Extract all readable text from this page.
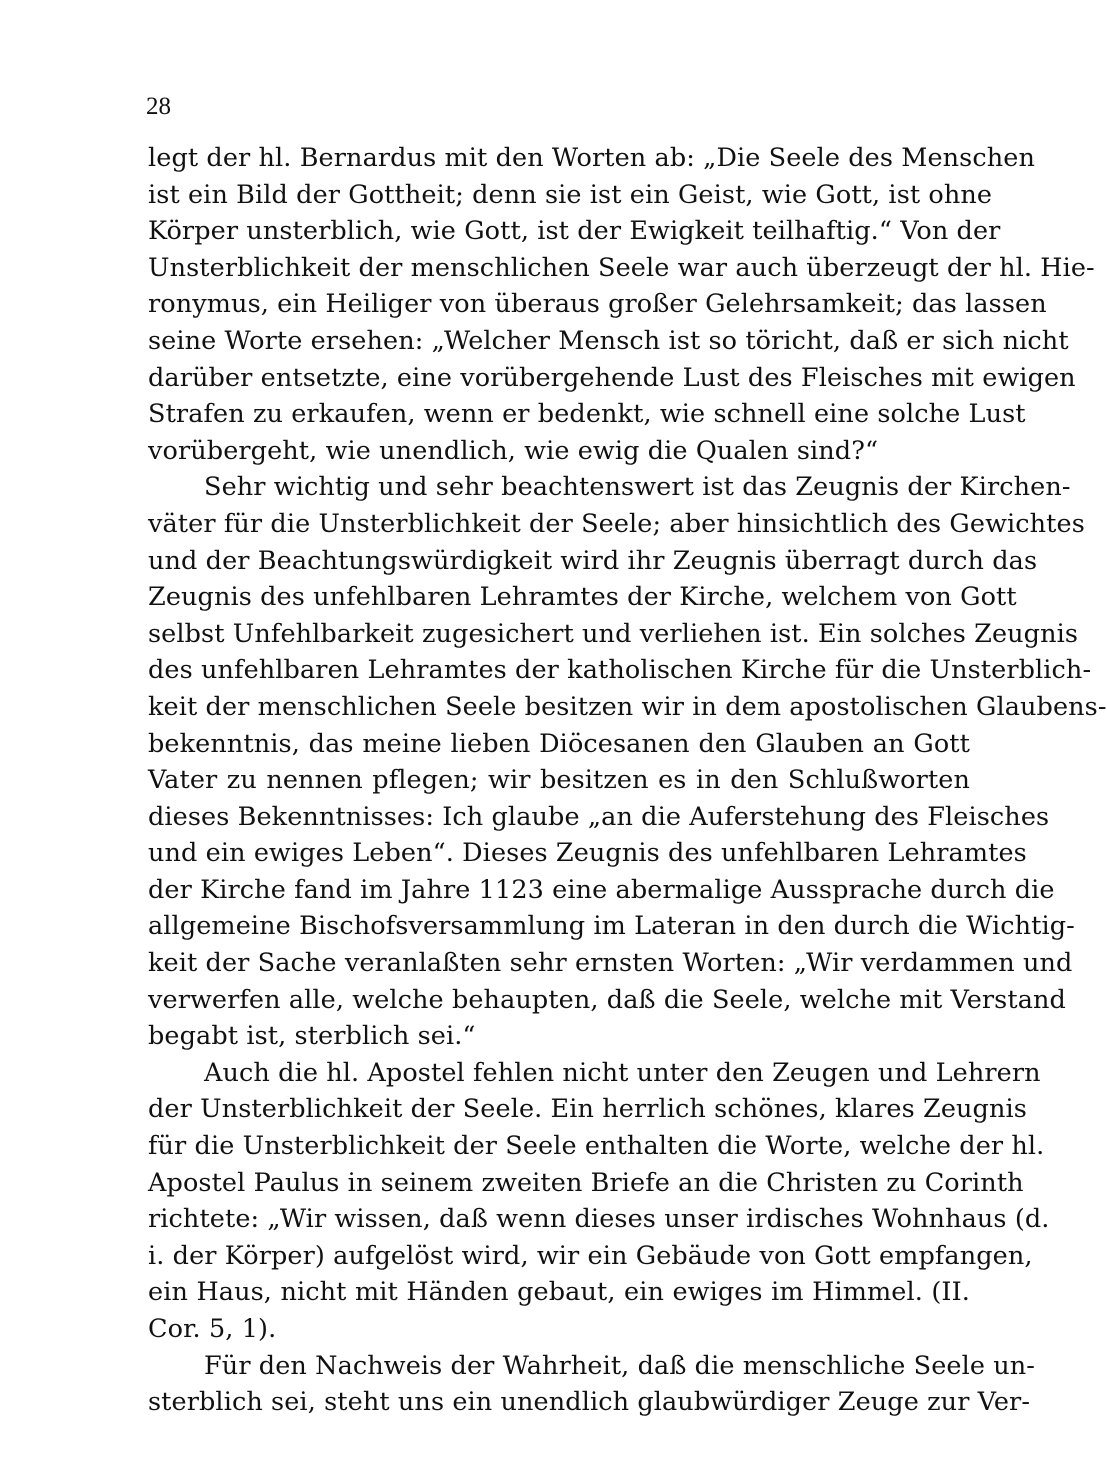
28
legt der hl. Bernardus mit den Worten ab: „Die Seele des Menschen
ist ein Bild der Gottheit; denn sie ist ein Geist, wie Gott, ist ohne
Körper unsterblich, wie Gott, ist der Ewigkeit teilhaftig.“ Von der
Unsterblichkeit der menschlichen Seele war auch überzeugt der hl. Hie-
ronymus, ein Heiliger von überaus großer Gelehrsamkeit; das lassen
seine Worte ersehen: „Welcher Mensch ist so töricht, daß er sich nicht
darüber entsetzte, eine vorübergehende Lust des Fleisches mit ewigen
Strafen zu erkaufen, wenn er bedenkt, wie schnell eine solche Lust
vorübergeht, wie unendlich, wie ewig die Qualen sind?“
Sehr wichtig und sehr beachtenswert ist das Zeugnis der Kirchen-
väter für die Unsterblichkeit der Seele; aber hinsichtlich des Gewichtes
und der Beachtungswürdigkeit wird ihr Zeugnis überragt durch das
Zeugnis des unfehlbaren Lehramtes der Kirche, welchem von Gott
selbst Unfehlbarkeit zugesichert und verliehen ist. Ein solches Zeugnis
des unfehlbaren Lehramtes der katholischen Kirche für die Unsterblich-
keit der menschlichen Seele besitzen wir in dem apostolischen Glaubens-
bekenntnis, das meine lieben Diöcesanen den Glauben an Gott
Vater zu nennen pflegen; wir besitzen es in den Schlußworten
dieses Bekenntnisses: Ich glaube „an die Auferstehung des Fleisches
und ein ewiges Leben“. Dieses Zeugnis des unfehlbaren Lehramtes
der Kirche fand im Jahre 1123 eine abermalige Aussprache durch die
allgemeine Bischofsversammlung im Lateran in den durch die Wichtig-
keit der Sache veranlaßten sehr ernsten Worten: „Wir verdammen und
verwerfen alle, welche behaupten, daß die Seele, welche mit Verstand
begabt ist, sterblich sei.“
Auch die hl. Apostel fehlen nicht unter den Zeugen und Lehrern
der Unsterblichkeit der Seele. Ein herrlich schönes, klares Zeugnis
für die Unsterblichkeit der Seele enthalten die Worte, welche der hl.
Apostel Paulus in seinem zweiten Briefe an die Christen zu Corinth
richtete: „Wir wissen, daß wenn dieses unser irdisches Wohnhaus (d.
i. der Körper) aufgelöst wird, wir ein Gebäude von Gott empfangen,
ein Haus, nicht mit Händen gebaut, ein ewiges im Himmel. (II.
Cor. 5, 1).
Für den Nachweis der Wahrheit, daß die menschliche Seele un-
sterblich sei, steht uns ein unendlich glaubwürdiger Zeuge zur Ver-
